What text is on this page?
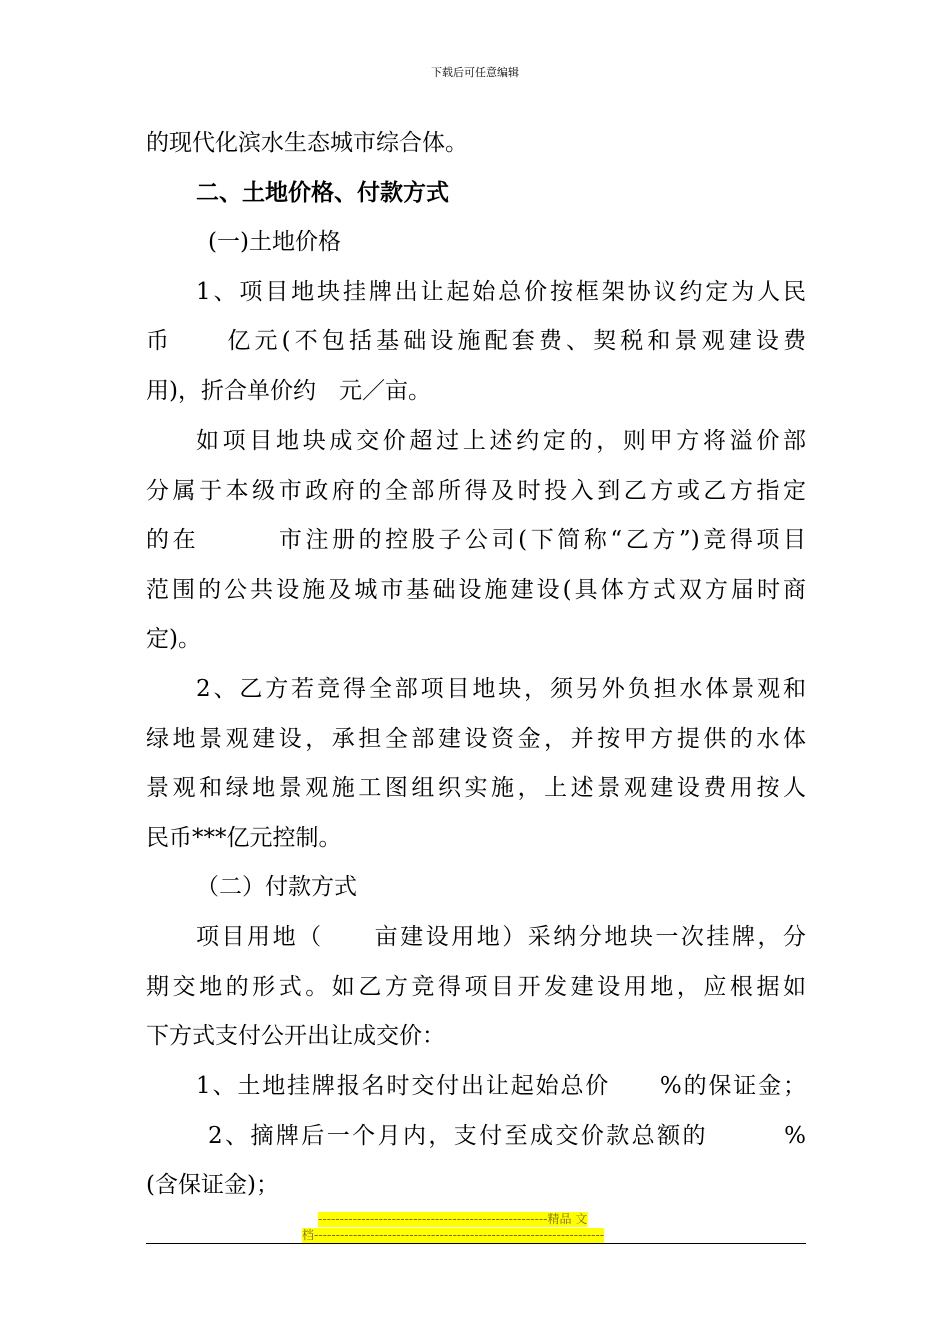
下载后可任意编辑
的现代化滨水生态城市综合体。
二、土地价格、付款方式
(一)土地价格
1、项目地块挂牌出让起始总价按框架协议约定为人民
币　　亿元(不包括基础设施配套费、契税和景观建设费
用)，折合单价约　元／亩。
如项目地块成交价超过上述约定的，则甲方将溢价部
分属于本级市政府的全部所得及时投入到乙方或乙方指定
的在　　　市注册的控股子公司(下简称“乙方”)竞得项目
范围的公共设施及城市基础设施建设(具体方式双方届时商
定)。
2、乙方若竞得全部项目地块，须另外负担水体景观和
绿地景观建设，承担全部建设资金，并按甲方提供的水体
景观和绿地景观施工图组织实施，上述景观建设费用按人
民币***亿元控制。
（二）付款方式
项目用地（　　亩建设用地）采纳分地块一次挂牌，分
期交地的形式。如乙方竞得项目开发建设用地，应根据如
下方式支付公开出让成交价：
1、土地挂牌报名时交付出让起始总价　　%的保证金；
2、摘牌后一个月内，支付至成交价款总额的　　　%
(含保证金)；
-----------------------------------------------------精品 文
档-------------------------------------------------------------------
